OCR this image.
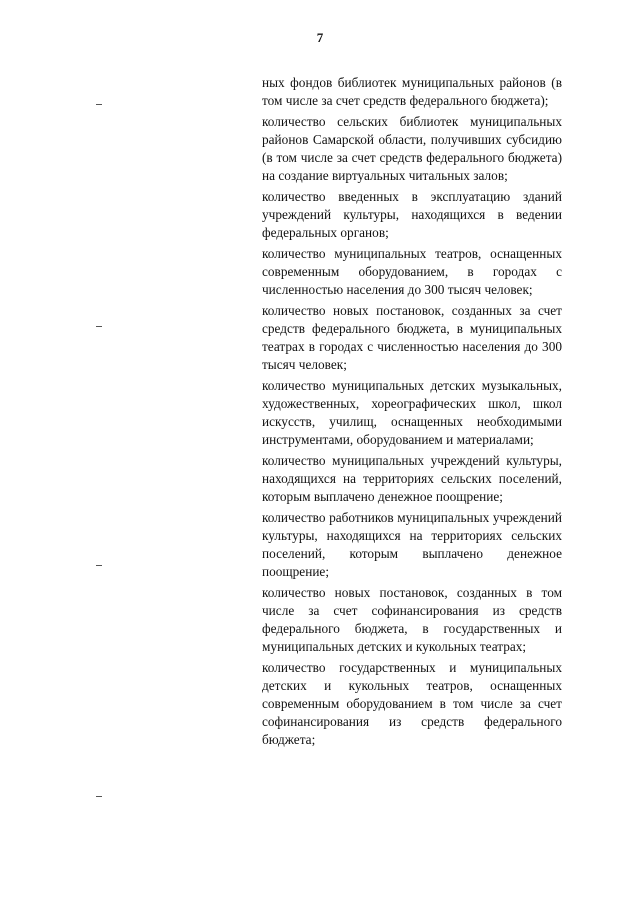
7

ных фондов библиотек муниципальных районов (в том числе за счет средств федерального бюджета);

количество сельских библиотек муниципальных районов Самарской области, получивших субсидию (в том числе за счет средств федерального бюджета) на создание виртуальных читальных залов;

количество введенных в эксплуатацию зданий учреждений культуры, находящихся в ведении федеральных органов;

количество муниципальных театров, оснащенных современным оборудованием, в городах с численностью населения до 300 тысяч человек;

количество новых постановок, созданных за счет средств федерального бюджета, в муниципальных театрах в городах с численностью населения до 300 тысяч человек;

количество муниципальных детских музыкальных, художественных, хореографических школ, школ искусств, училищ, оснащенных необходимыми инструментами, оборудованием и материалами;

количество муниципальных учреждений культуры, находящихся на территориях сельских поселений, которым выплачено денежное поощрение;

количество работников муниципальных учреждений культуры, находящихся на территориях сельских поселений, которым выплачено денежное поощрение;

количество новых постановок, созданных в том числе за счет софинансирования из средств федерального бюджета, в государственных и муниципальных детских и кукольных театрах;

количество государственных и муниципальных детских и кукольных театров, оснащенных современным оборудованием в том числе за счет софинансирования из средств федерального бюджета;
